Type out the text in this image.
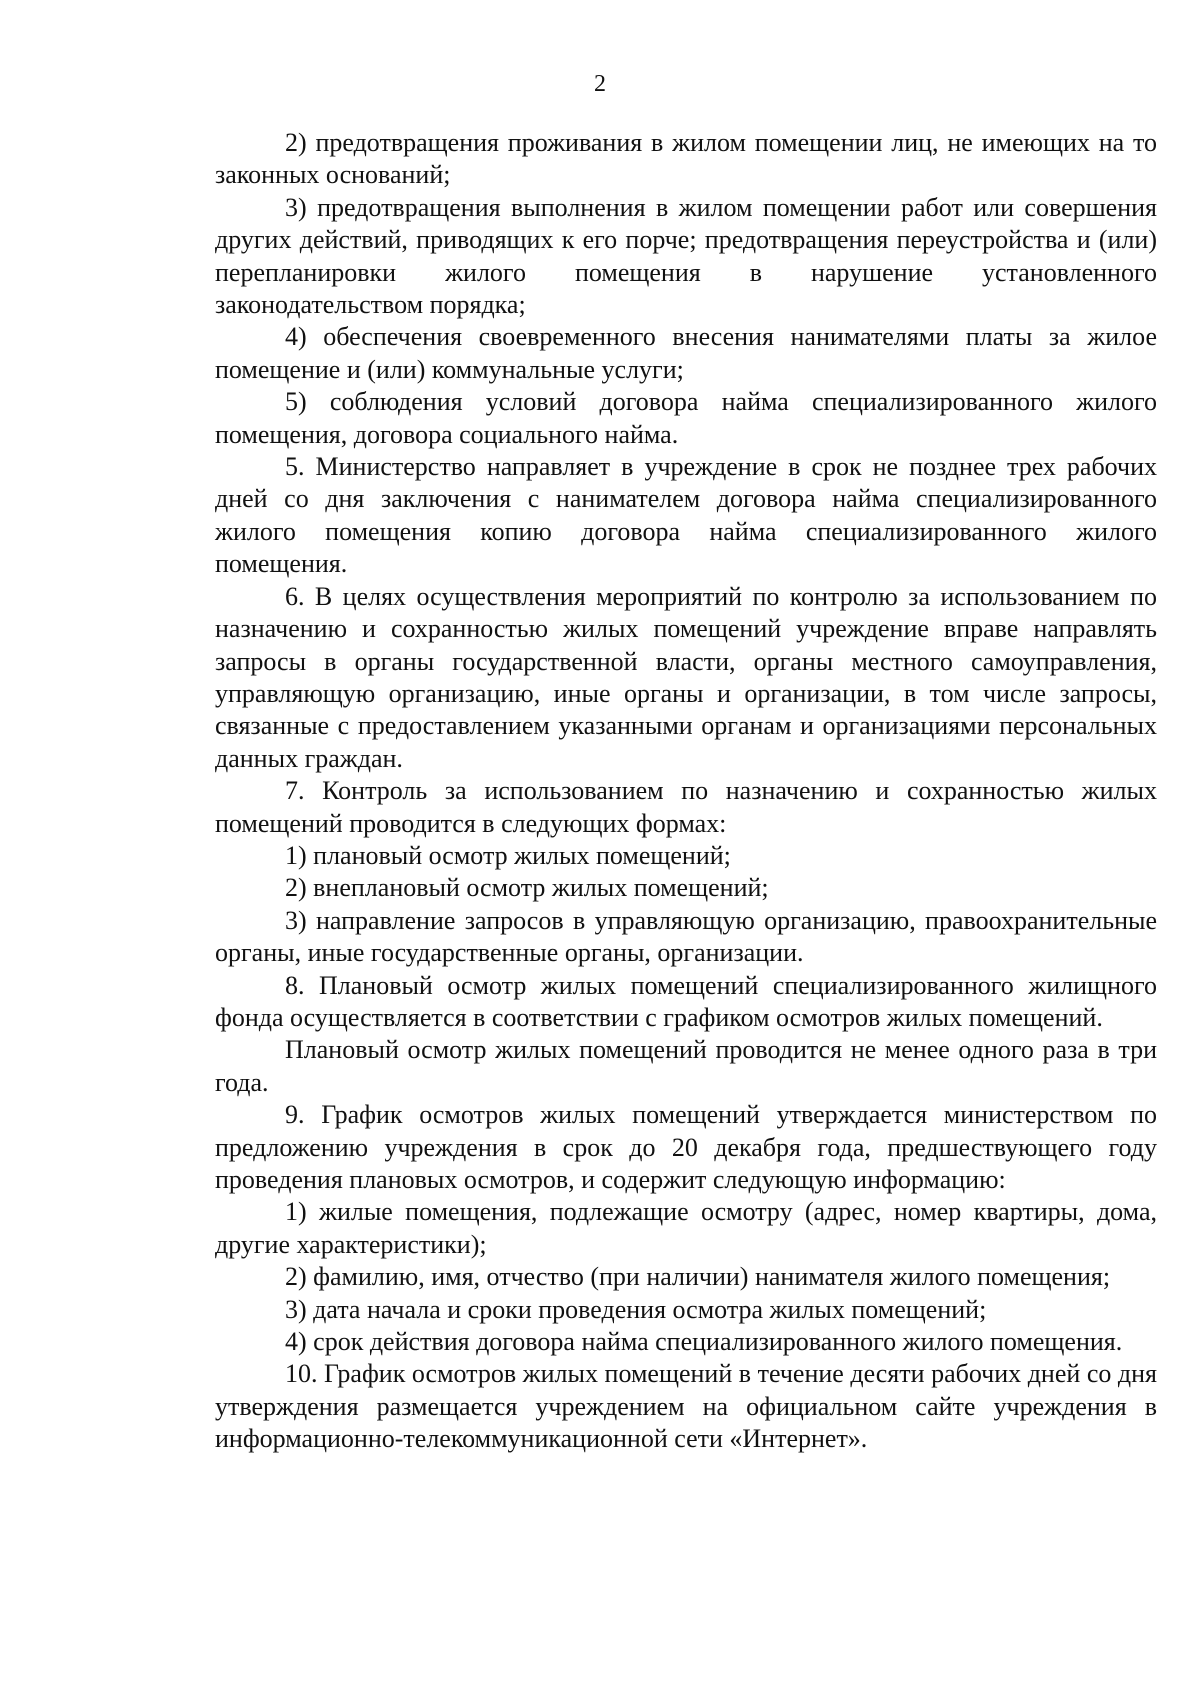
2

2) предотвращения проживания в жилом помещении лиц, не имеющих на то законных оснований;

3) предотвращения выполнения в жилом помещении работ или совершения других действий, приводящих к его порче; предотвращения переустройства и (или) перепланировки жилого помещения в нарушение установленного законодательством порядка;

4) обеспечения своевременного внесения нанимателями платы за жилое помещение и (или) коммунальные услуги;

5) соблюдения условий договора найма специализированного жилого помещения, договора социального найма.

5. Министерство направляет в учреждение в срок не позднее трех рабочих дней со дня заключения с нанимателем договора найма специализированного жилого помещения копию договора найма специализированного жилого помещения.

6. В целях осуществления мероприятий по контролю за использованием по назначению и сохранностью жилых помещений учреждение вправе направлять запросы в органы государственной власти, органы местного самоуправления, управляющую организацию, иные органы и организации, в том числе запросы, связанные с предоставлением указанными органам и организациями персональных данных граждан.

7. Контроль за использованием по назначению и сохранностью жилых помещений проводится в следующих формах:

1) плановый осмотр жилых помещений;

2) внеплановый осмотр жилых помещений;

3) направление запросов в управляющую организацию, правоохранительные органы, иные государственные органы, организации.

8. Плановый осмотр жилых помещений специализированного жилищного фонда осуществляется в соответствии с графиком осмотров жилых помещений.

Плановый осмотр жилых помещений проводится не менее одного раза в три года.

9. График осмотров жилых помещений утверждается министерством по предложению учреждения в срок до 20 декабря года, предшествующего году проведения плановых осмотров, и содержит следующую информацию:

1) жилые помещения, подлежащие осмотру (адрес, номер квартиры, дома, другие характеристики);

2) фамилию, имя, отчество (при наличии) нанимателя жилого помещения;

3) дата начала и сроки проведения осмотра жилых помещений;

4) срок действия договора найма специализированного жилого помещения.

10. График осмотров жилых помещений в течение десяти рабочих дней со дня утверждения размещается учреждением на официальном сайте учреждения в информационно-телекоммуникационной сети «Интернет».
